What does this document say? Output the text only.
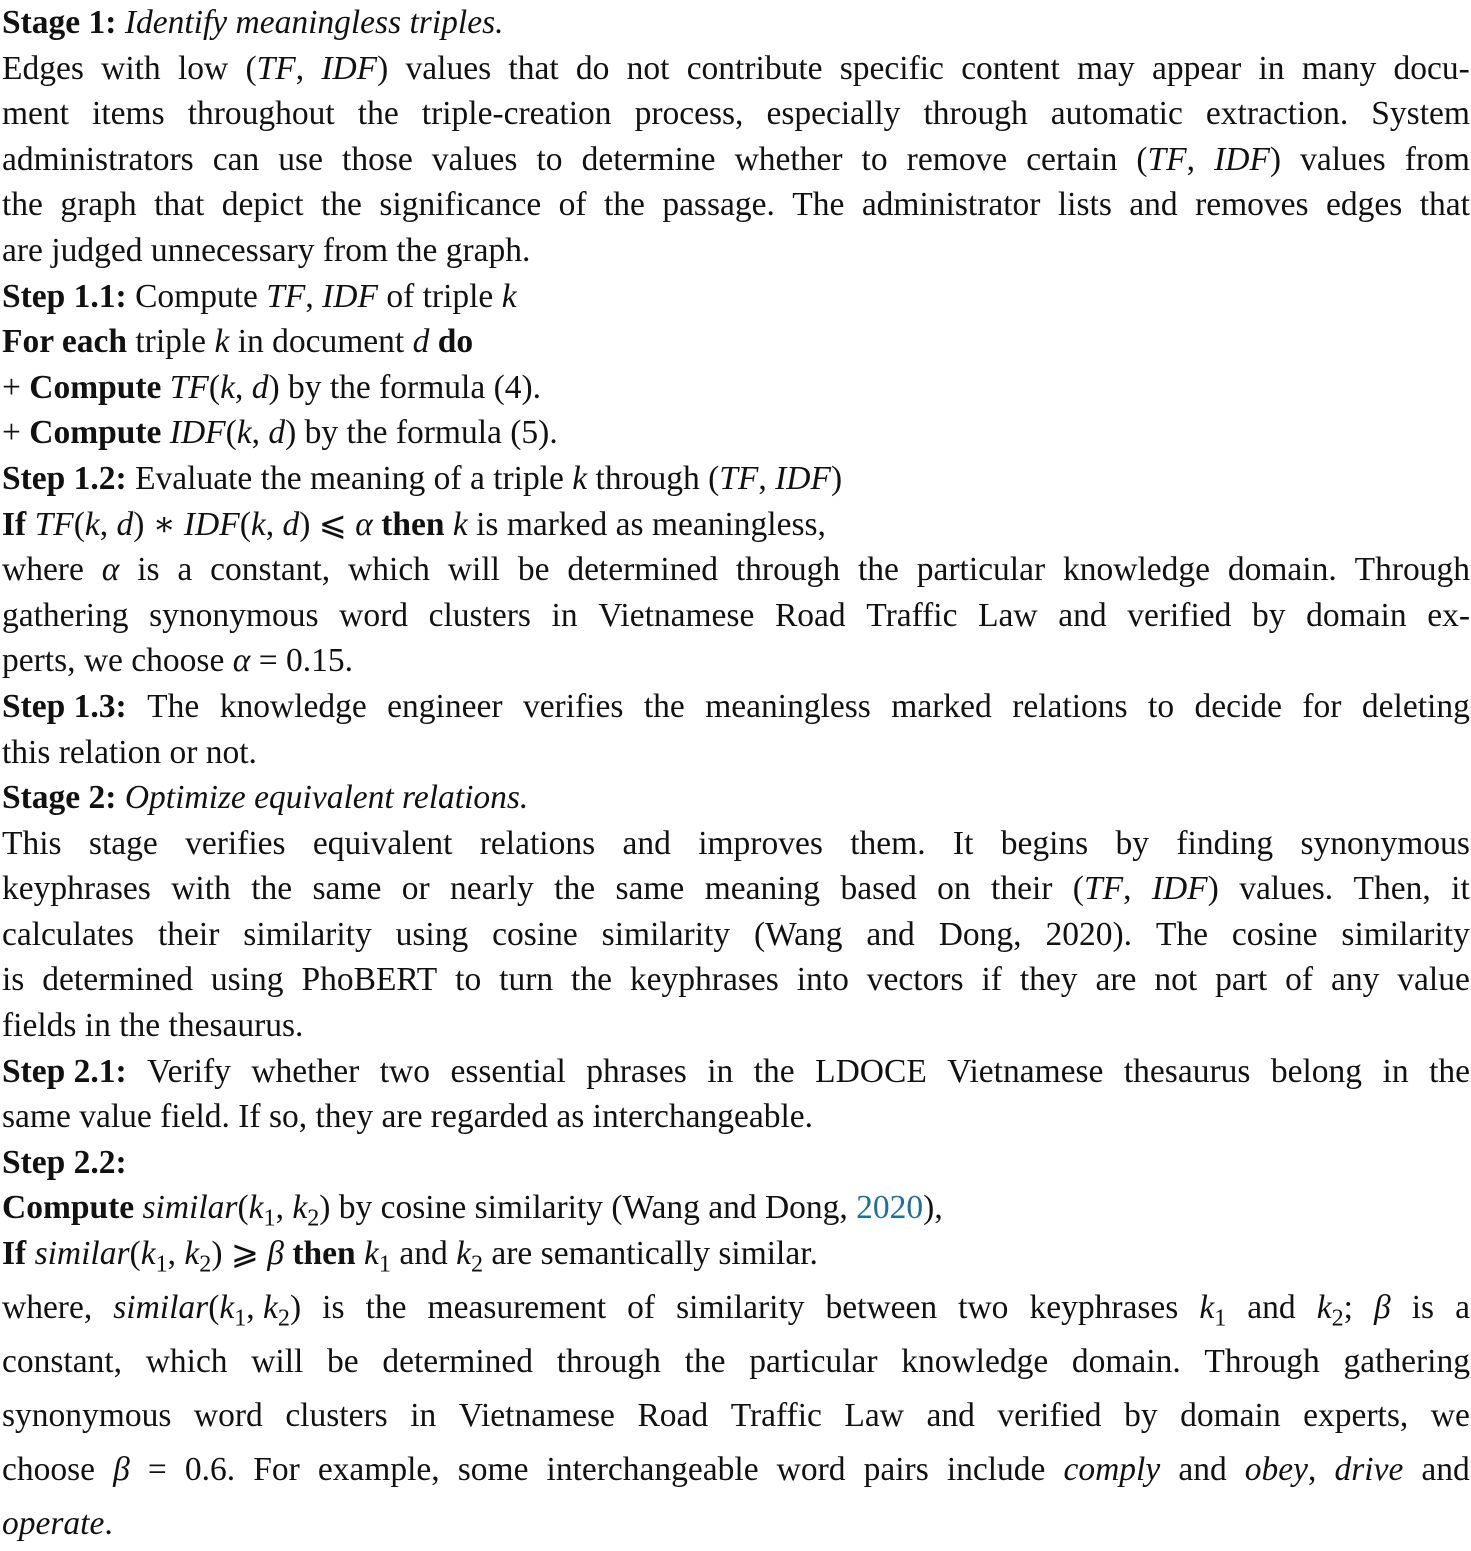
Stage 1: Identify meaningless triples.
Edges with low (TF, IDF) values that do not contribute specific content may appear in many docu-
ment items throughout the triple-creation process, especially through automatic extraction. System
administrators can use those values to determine whether to remove certain (TF, IDF) values from
the graph that depict the significance of the passage. The administrator lists and removes edges that
are judged unnecessary from the graph.
Step 1.1: Compute TF, IDF of triple k
For each triple k in document d do
+ Compute TF(k, d) by the formula (4).
+ Compute IDF(k, d) by the formula (5).
Step 1.2: Evaluate the meaning of a triple k through (TF, IDF)
If TF(k, d) ∗ IDF(k, d) ⩽ α then k is marked as meaningless,
where α is a constant, which will be determined through the particular knowledge domain. Through
gathering synonymous word clusters in Vietnamese Road Traffic Law and verified by domain ex-
perts, we choose α = 0.15.
Step 1.3: The knowledge engineer verifies the meaningless marked relations to decide for deleting
this relation or not.
Stage 2: Optimize equivalent relations.
This stage verifies equivalent relations and improves them. It begins by finding synonymous
keyphrases with the same or nearly the same meaning based on their (TF, IDF) values. Then, it
calculates their similarity using cosine similarity (Wang and Dong, 2020). The cosine similarity
is determined using PhoBERT to turn the keyphrases into vectors if they are not part of any value
fields in the thesaurus.
Step 2.1: Verify whether two essential phrases in the LDOCE Vietnamese thesaurus belong in the
same value field. If so, they are regarded as interchangeable.
Step 2.2:
Compute $similar(k_1$, $k_2$) by cosine similarity (Wang and Dong, 2020),
If $similar(k_1$, $k_2$) ⩾ β then $k_1$ and $k_2$ are semantically similar.
where, $similar(k_1$, $k_2$) is the measurement of similarity between two keyphrases $k_1$ and $k_2$; β is a
constant, which will be determined through the particular knowledge domain. Through gathering
synonymous word clusters in Vietnamese Road Traffic Law and verified by domain experts, we
choose β = 0.6. For example, some interchangeable word pairs include comply and obey, drive and
operate.
